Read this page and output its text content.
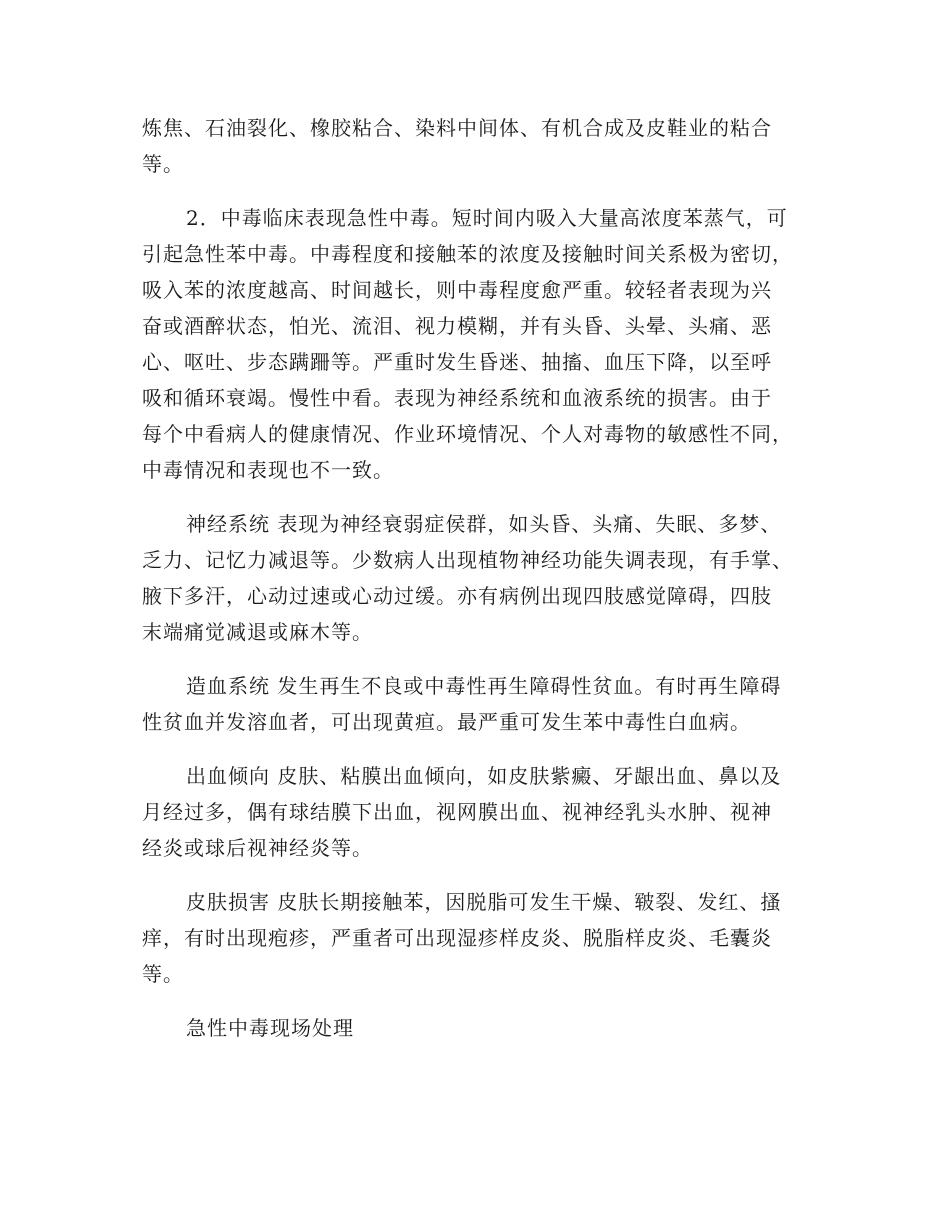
炼焦、石油裂化、橡胶粘合、染料中间体、有机合成及皮鞋业的粘合
等。

2．中毒临床表现急性中毒。短时间内吸入大量高浓度苯蒸气，可
引起急性苯中毒。中毒程度和接触苯的浓度及接触时间关系极为密切，
吸入苯的浓度越高、时间越长，则中毒程度愈严重。较轻者表现为兴
奋或酒醉状态，怕光、流泪、视力模糊，并有头昏、头晕、头痛、恶
心、呕吐、步态蹒跚等。严重时发生昏迷、抽搐、血压下降，以至呼
吸和循环衰竭。慢性中看。表现为神经系统和血液系统的损害。由于
每个中看病人的健康情况、作业环境情况、个人对毒物的敏感性不同，
中毒情况和表现也不一致。

神经系统 表现为神经衰弱症侯群，如头昏、头痛、失眠、多梦、
乏力、记忆力减退等。少数病人出现植物神经功能失调表现，有手掌、
腋下多汗，心动过速或心动过缓。亦有病例出现四肢感觉障碍，四肢
末端痛觉减退或麻木等。

造血系统 发生再生不良或中毒性再生障碍性贫血。有时再生障碍
性贫血并发溶血者，可出现黄疸。最严重可发生苯中毒性白血病。

出血倾向 皮肤、粘膜出血倾向，如皮肤紫癜、牙龈出血、鼻以及
月经过多，偶有球结膜下出血，视网膜出血、视神经乳头水肿、视神
经炎或球后视神经炎等。

皮肤损害 皮肤长期接触苯，因脱脂可发生干燥、皲裂、发红、搔
痒，有时出现疱疹，严重者可出现湿疹样皮炎、脱脂样皮炎、毛囊炎
等。

急性中毒现场处理
